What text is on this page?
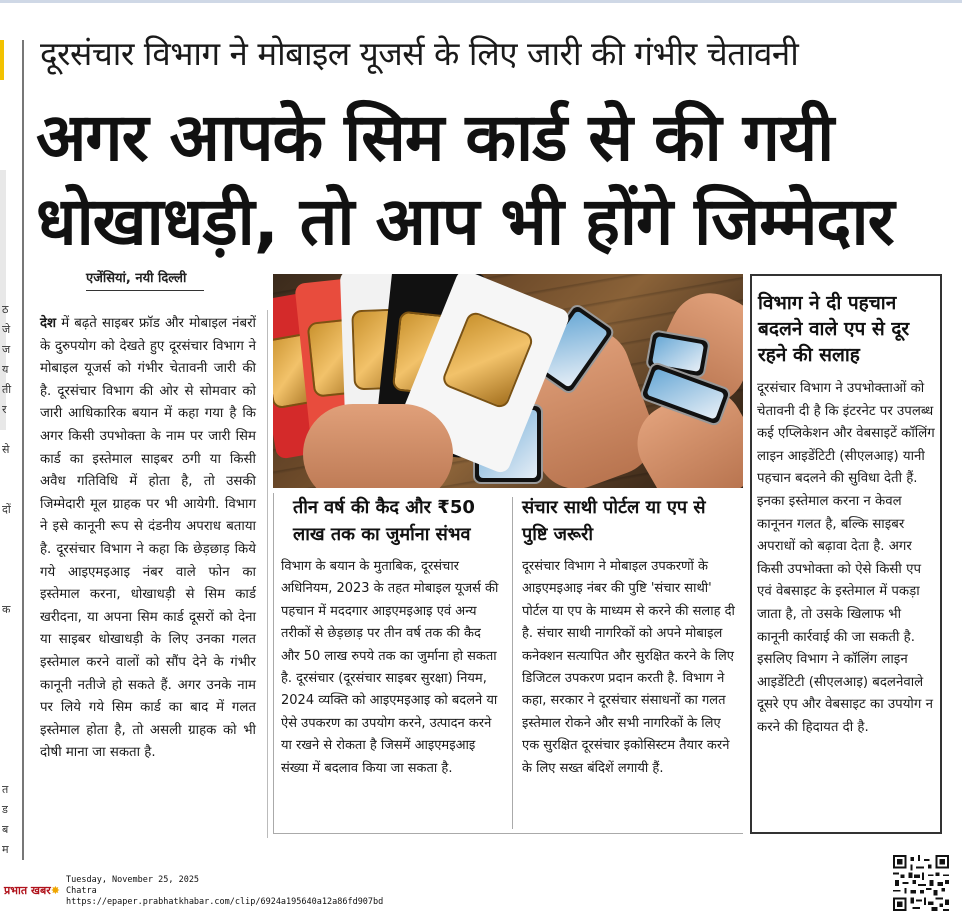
ठ
जे
ज
य
ती
र

से

दों

क

त
ड
ब
म
दूरसंचार विभाग ने मोबाइल यूजर्स के लिए जारी की गंभीर चेतावनी
अगर आपके सिम कार्ड से की गयी
धोखाधड़ी, तो आप भी होंगे जिम्मेदार
एजेंसियां, नयी दिल्ली
देश में बढ़ते साइबर फ्रॉड और मोबाइल नंबरों के दुरुपयोग को देखते हुए दूरसंचार विभाग ने मोबाइल यूजर्स को गंभीर चेतावनी जारी की है. दूरसंचार विभाग की ओर से सोमवार को जारी आधिकारिक बयान में कहा गया है कि अगर किसी उपभोक्ता के नाम पर जारी सिम कार्ड का इस्तेमाल साइबर ठगी या किसी अवैध गतिविधि में होता है, तो उसकी जिम्मेदारी मूल ग्राहक पर भी आयेगी. विभाग ने इसे कानूनी रूप से दंडनीय अपराध बताया है. दूरसंचार विभाग ने कहा कि छेड़छाड़ किये गये आइएमइआइ नंबर वाले फोन का इस्तेमाल करना, धोखाधड़ी से सिम कार्ड खरीदना, या अपना सिम कार्ड दूसरों को देना या साइबर धोखाधड़ी के लिए उनका गलत इस्तेमाल करने वालों को सौंप देने के गंभीर कानूनी नतीजे हो सकते हैं. अगर उनके नाम पर लिये गये सिम कार्ड का बाद में गलत इस्तेमाल होता है, तो असली ग्राहक को भी दोषी माना जा सकता है.
तीन वर्ष की कैद और ₹50 लाख तक का जुर्माना संभव
विभाग के बयान के मुताबिक, दूरसंचार अधिनियम, 2023 के तहत मोबाइल यूजर्स की पहचान में मददगार आइएमइआइ एवं अन्य तरीकों से छेड़छाड़ पर तीन वर्ष तक की कैद और 50 लाख रुपये तक का जुर्माना हो सकता है. दूरसंचार (दूरसंचार साइबर सुरक्षा) नियम, 2024 व्यक्ति को आइएमइआइ को बदलने या ऐसे उपकरण का उपयोग करने, उत्पादन करने या रखने से रोकता है जिसमें आइएमइआइ संख्या में बदलाव किया जा सकता है.
संचार साथी पोर्टल या एप से पुष्टि जरूरी
दूरसंचार विभाग ने मोबाइल उपकरणों के आइएमइआइ नंबर की पुष्टि 'संचार साथी' पोर्टल या एप के माध्यम से करने की सलाह दी है. संचार साथी नागरिकों को अपने मोबाइल कनेक्शन सत्यापित और सुरक्षित करने के लिए डिजिटल उपकरण प्रदान करती है. विभाग ने कहा, सरकार ने दूरसंचार संसाधनों का गलत इस्तेमाल रोकने और सभी नागरिकों के लिए एक सुरक्षित दूरसंचार इकोसिस्टम तैयार करने के लिए सख्त बंदिशें लगायी हैं.
विभाग ने दी पहचान बदलने वाले एप से दूर रहने की सलाह
दूरसंचार विभाग ने उपभोक्ताओं को चेतावनी दी है कि इंटरनेट पर उपलब्ध कई एप्लिकेशन और वेबसाइटें कॉलिंग लाइन आइडेंटिटी (सीएलआइ) यानी पहचान बदलने की सुविधा देती हैं. इनका इस्तेमाल करना न केवल कानूनन गलत है, बल्कि साइबर अपराधों को बढ़ावा देता है. अगर किसी उपभोक्ता को ऐसे किसी एप एवं वेबसाइट के इस्तेमाल में पकड़ा जाता है, तो उसके खिलाफ भी कानूनी कार्रवाई की जा सकती है. इसलिए विभाग ने कॉलिंग लाइन आइडेंटिटी (सीएलआइ) बदलनेवाले दूसरे एप और वेबसाइट का उपयोग न करने की हिदायत दी है.
प्रभात खबर✸
Tuesday, November 25, 2025
Chatra
https://epaper.prabhatkhabar.com/clip/6924a195640a12a86fd907bd
